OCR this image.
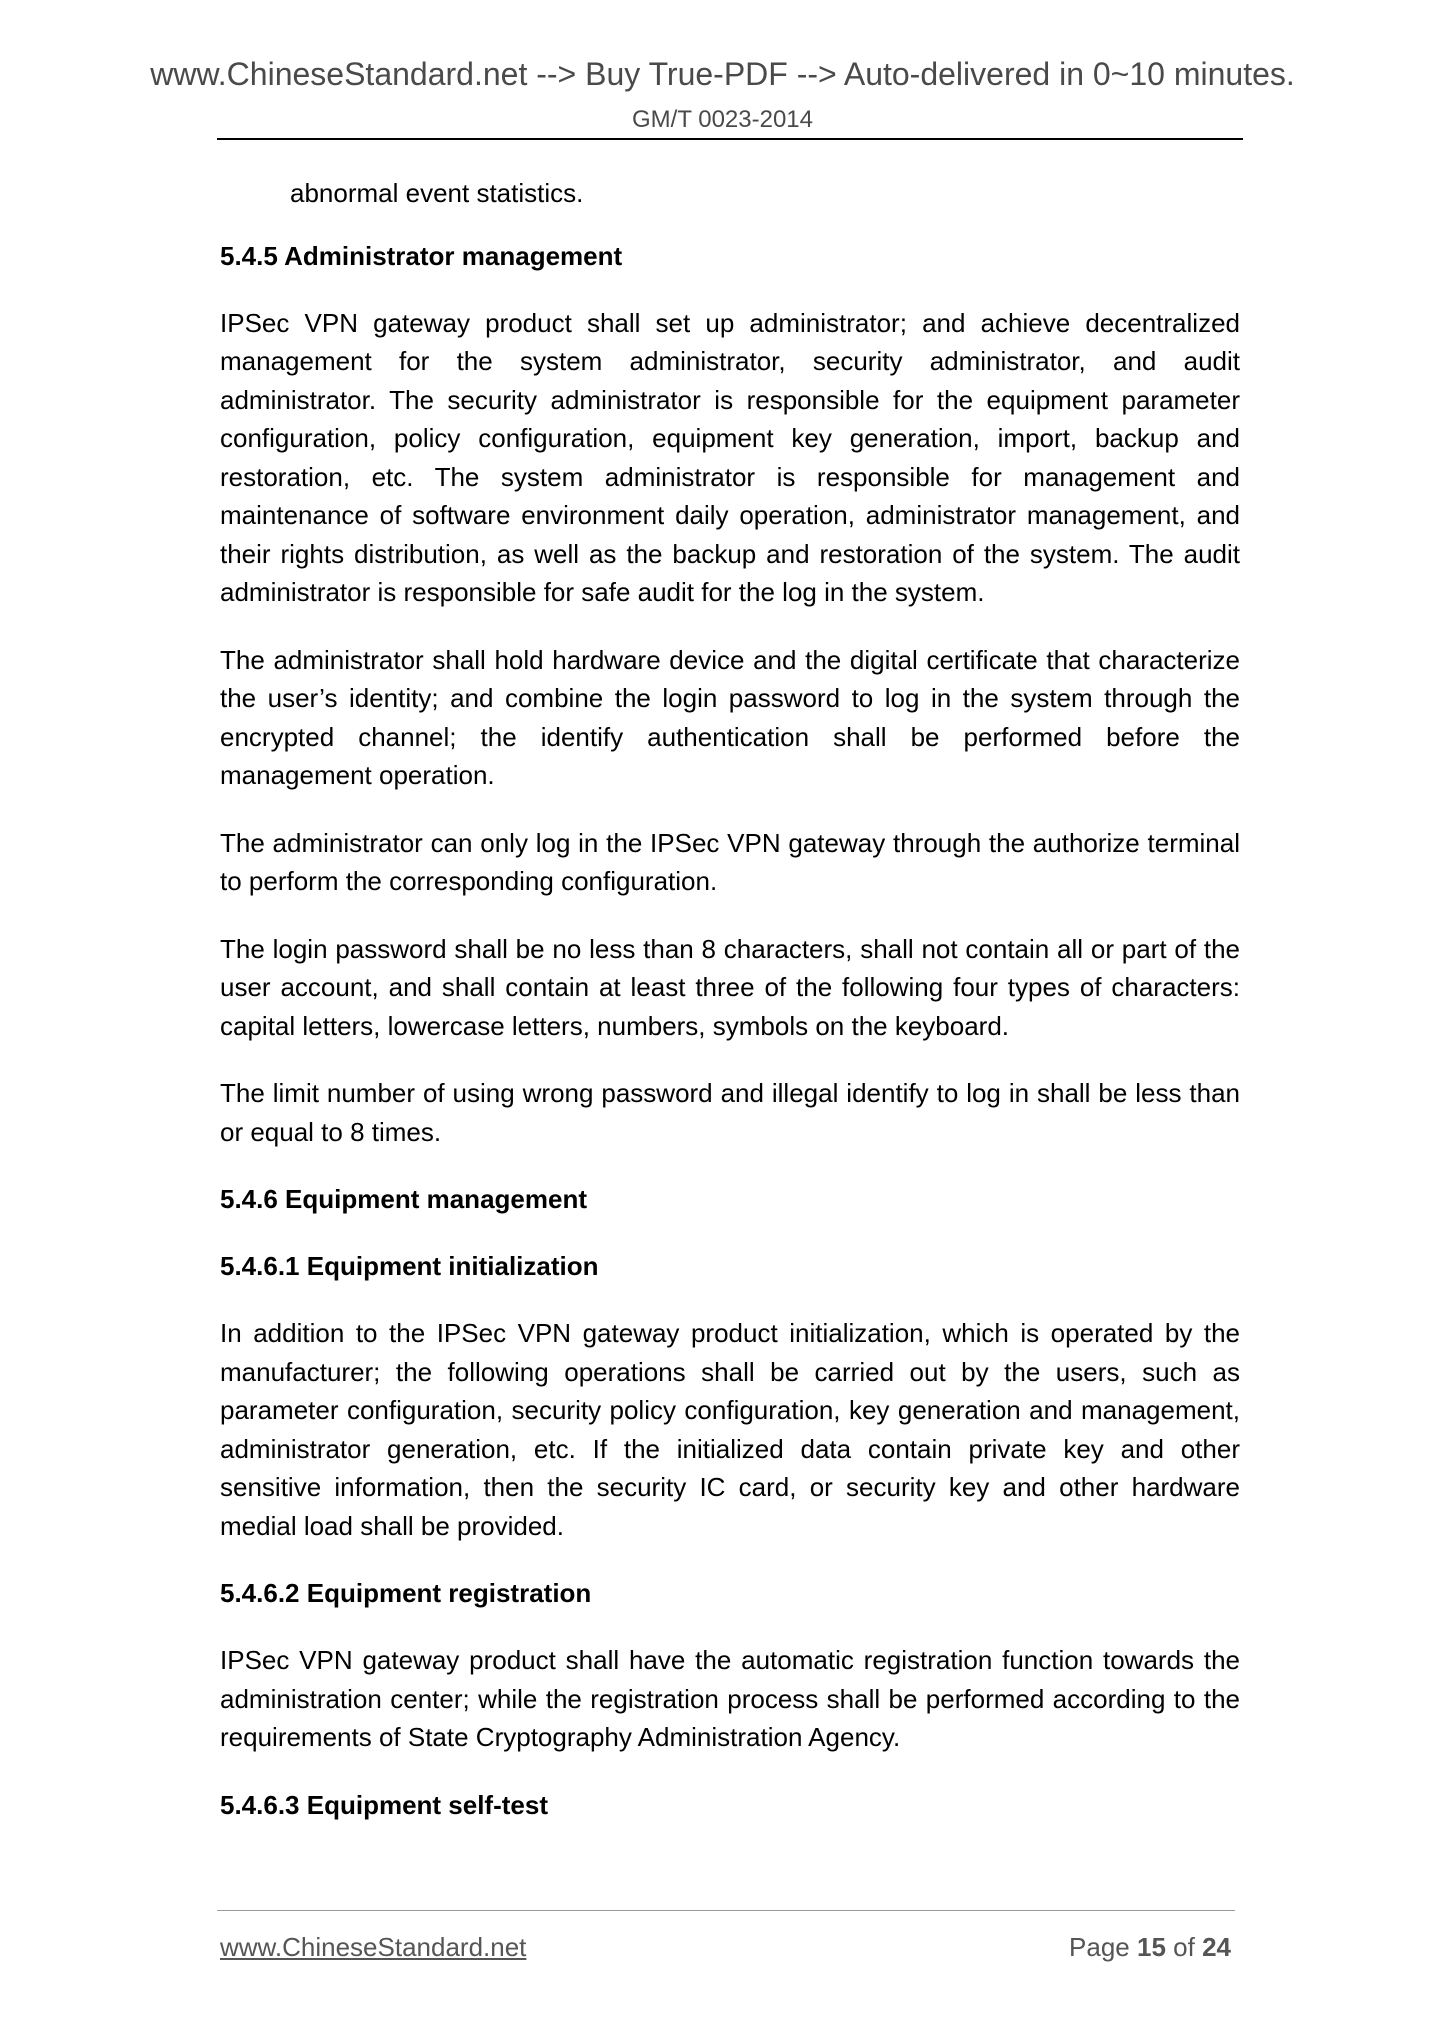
www.ChineseStandard.net --> Buy True-PDF --> Auto-delivered in 0~10 minutes.
GM/T 0023-2014

abnormal event statistics.

5.4.5 Administrator management

IPSec VPN gateway product shall set up administrator; and achieve decentralized management for the system administrator, security administrator, and audit administrator. The security administrator is responsible for the equipment parameter configuration, policy configuration, equipment key generation, import, backup and restoration, etc. The system administrator is responsible for management and maintenance of software environment daily operation, administrator management, and their rights distribution, as well as the backup and restoration of the system. The audit administrator is responsible for safe audit for the log in the system.

The administrator shall hold hardware device and the digital certificate that characterize the user’s identity; and combine the login password to log in the system through the encrypted channel; the identify authentication shall be performed before the management operation.

The administrator can only log in the IPSec VPN gateway through the authorize terminal to perform the corresponding configuration.

The login password shall be no less than 8 characters, shall not contain all or part of the user account, and shall contain at least three of the following four types of characters: capital letters, lowercase letters, numbers, symbols on the keyboard.

The limit number of using wrong password and illegal identify to log in shall be less than or equal to 8 times.

5.4.6 Equipment management
5.4.6.1 Equipment initialization

In addition to the IPSec VPN gateway product initialization, which is operated by the manufacturer; the following operations shall be carried out by the users, such as parameter configuration, security policy configuration, key generation and management, administrator generation, etc. If the initialized data contain private key and other sensitive information, then the security IC card, or security key and other hardware medial load shall be provided.

5.4.6.2 Equipment registration

IPSec VPN gateway product shall have the automatic registration function towards the administration center; while the registration process shall be performed according to the requirements of State Cryptography Administration Agency.

5.4.6.3 Equipment self-test
www.ChineseStandard.net	Page 15 of 24
